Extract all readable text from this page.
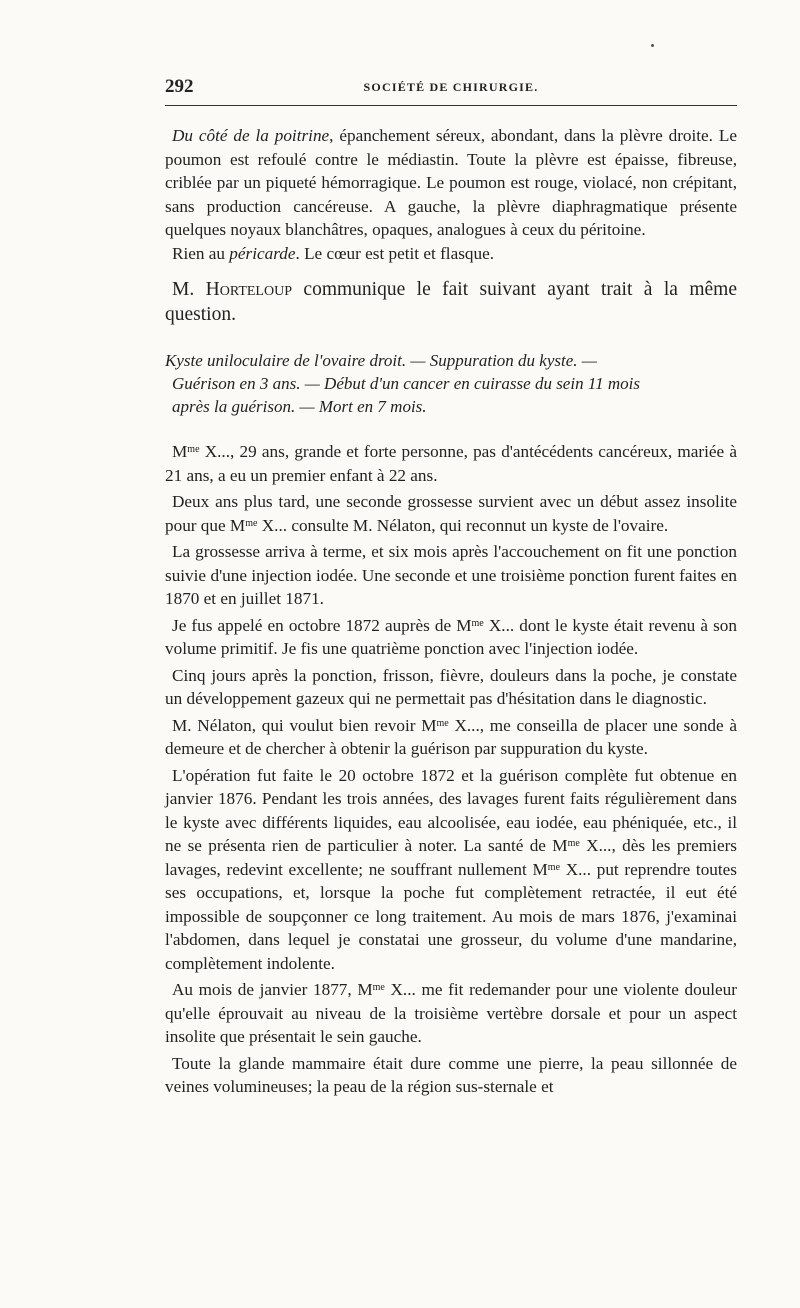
292	SOCIÉTÉ DE CHIRURGIE.

Du côté de la poitrine, épanchement séreux, abondant, dans la plèvre droite. Le poumon est refoulé contre le médiastin. Toute la plèvre est épaisse, fibreuse, criblée par un piqueté hémorragique. Le poumon est rouge, violacé, non crépitant, sans production cancéreuse. A gauche, la plèvre diaphragmatique présente quelques noyaux blanchâtres, opaques, analogues à ceux du péritoine.

Rien au péricarde. Le cœur est petit et flasque.

M. Horteloup communique le fait suivant ayant trait à la même question.

Kyste uniloculaire de l'ovaire droit. — Suppuration du kyste. —
Guérison en 3 ans. — Début d'un cancer en cuirasse du sein 11 mois
après la guérison. — Mort en 7 mois.

$M^{me}$ X..., 29 ans, grande et forte personne, pas d'antécédents cancéreux, mariée à 21 ans, a eu un premier enfant à 22 ans.

Deux ans plus tard, une seconde grossesse survient avec un début assez insolite pour que $M^{me}$ X... consulte M. Nélaton, qui reconnut un kyste de l'ovaire.

La grossesse arriva à terme, et six mois après l'accouchement on fit une ponction suivie d'une injection iodée. Une seconde et une troisième ponction furent faites en 1870 et en juillet 1871.

Je fus appelé en octobre 1872 auprès de $M^{me}$ X... dont le kyste était revenu à son volume primitif. Je fis une quatrième ponction avec l'injection iodée.

Cinq jours après la ponction, frisson, fièvre, douleurs dans la poche, je constate un développement gazeux qui ne permettait pas d'hésitation dans le diagnostic.

M. Nélaton, qui voulut bien revoir $M^{me}$ X..., me conseilla de placer une sonde à demeure et de chercher à obtenir la guérison par suppuration du kyste.

L'opération fut faite le 20 octobre 1872 et la guérison complète fut obtenue en janvier 1876. Pendant les trois années, des lavages furent faits régulièrement dans le kyste avec différents liquides, eau alcoolisée, eau iodée, eau phéniquée, etc., il ne se présenta rien de particulier à noter. La santé de $M^{me}$ X..., dès les premiers lavages, redevint excellente; ne souffrant nullement $M^{me}$ X... put reprendre toutes ses occupations, et, lorsque la poche fut complètement retractée, il eut été impossible de soupçonner ce long traitement. Au mois de mars 1876, j'examinai l'abdomen, dans lequel je constatai une grosseur, du volume d'une mandarine, complètement indolente.

Au mois de janvier 1877, $M^{me}$ X... me fit redemander pour une violente douleur qu'elle éprouvait au niveau de la troisième vertèbre dorsale et pour un aspect insolite que présentait le sein gauche.

Toute la glande mammaire était dure comme une pierre, la peau sillonnée de veines volumineuses; la peau de la région sus-sternale et
